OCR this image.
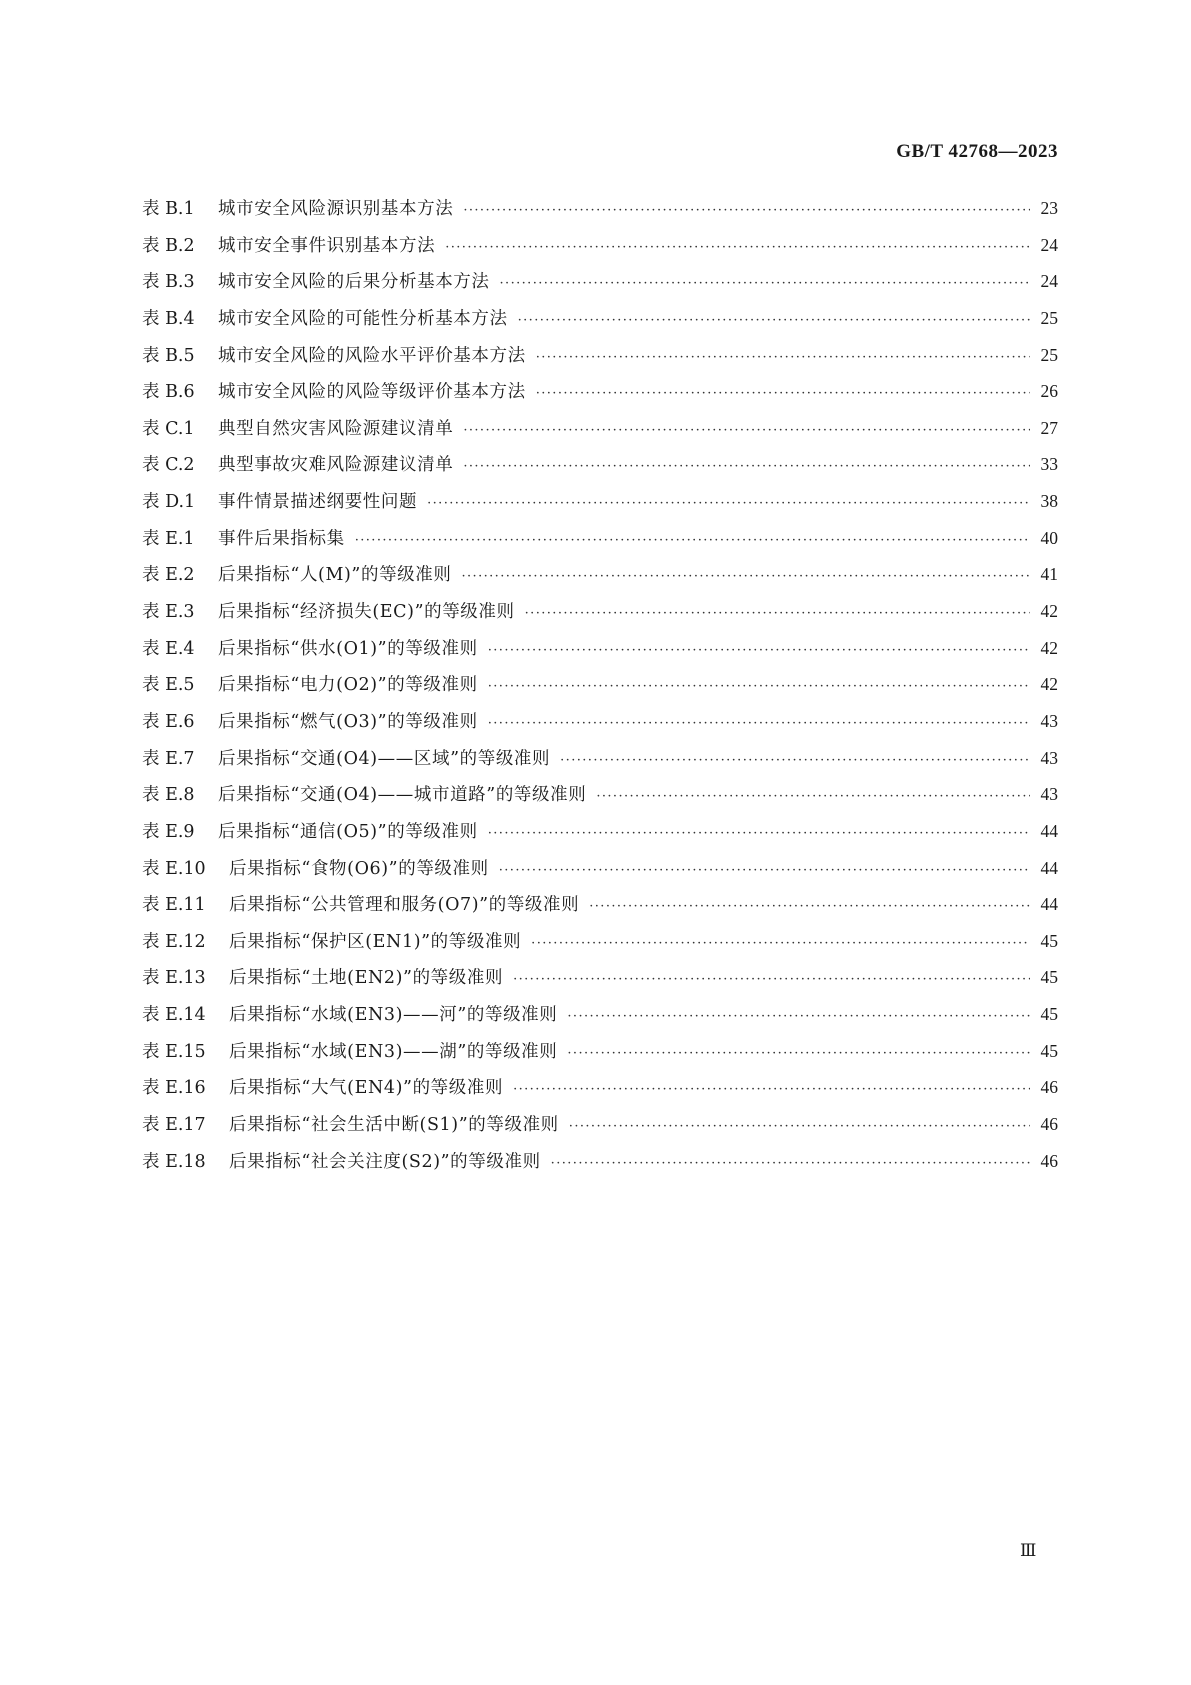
GB/T 42768—2023
表 B.1	城市安全风险源识别基本方法 ·····	23
表 B.2	城市安全事件识别基本方法 ·····	24
表 B.3	城市安全风险的后果分析基本方法 ·····	24
表 B.4	城市安全风险的可能性分析基本方法 ·····	25
表 B.5	城市安全风险的风险水平评价基本方法 ·····	25
表 B.6	城市安全风险的风险等级评价基本方法 ·····	26
表 C.1	典型自然灾害风险源建议清单 ·····	27
表 C.2	典型事故灾难风险源建议清单 ·····	33
表 D.1	事件情景描述纲要性问题 ·····	38
表 E.1	事件后果指标集 ·····	40
表 E.2	后果指标“人(M)”的等级准则 ·····	41
表 E.3	后果指标“经济损失(EC)”的等级准则 ·····	42
表 E.4	后果指标“供水(O1)”的等级准则 ·····	42
表 E.5	后果指标“电力(O2)”的等级准则 ·····	42
表 E.6	后果指标“燃气(O3)”的等级准则 ·····	43
表 E.7	后果指标“交通(O4)——区域”的等级准则 ·····	43
表 E.8	后果指标“交通(O4)——城市道路”的等级准则 ·····	43
表 E.9	后果指标“通信(O5)”的等级准则 ·····	44
表 E.10	后果指标“食物(O6)”的等级准则 ·····	44
表 E.11	后果指标“公共管理和服务(O7)”的等级准则 ·····	44
表 E.12	后果指标“保护区(EN1)”的等级准则 ·····	45
表 E.13	后果指标“土地(EN2)”的等级准则 ·····	45
表 E.14	后果指标“水域(EN3)——河”的等级准则 ·····	45
表 E.15	后果指标“水域(EN3)——湖”的等级准则 ·····	45
表 E.16	后果指标“大气(EN4)”的等级准则 ·····	46
表 E.17	后果指标“社会生活中断(S1)”的等级准则 ·····	46
表 E.18	后果指标“社会关注度(S2)”的等级准则 ·····	46
Ⅲ
